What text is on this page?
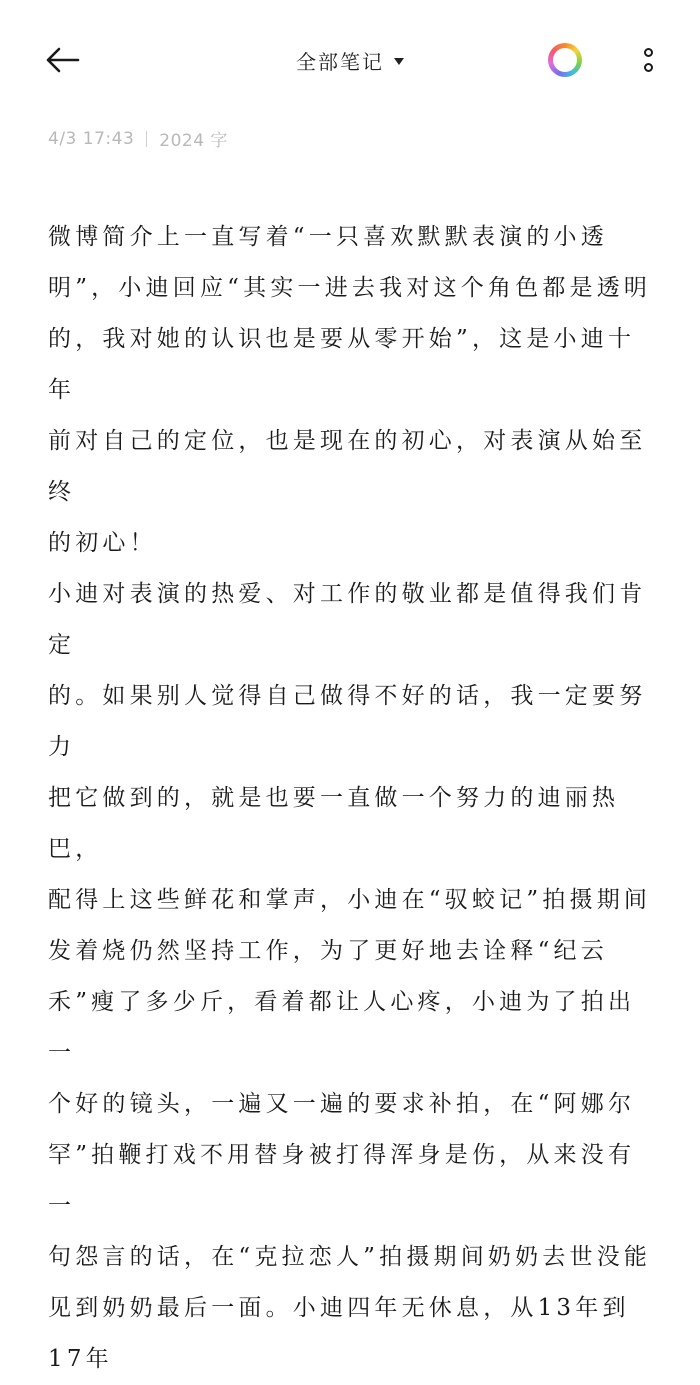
全部笔记
4/3 17:43 2024 字

微博简介上一直写着“一只喜欢默默表演的小透
明”，小迪回应“其实一进去我对这个角色都是透明
的，我对她的认识也是要从零开始”，这是小迪十年
前对自己的定位，也是现在的初心，对表演从始至终
的初心！

小迪对表演的热爱、对工作的敬业都是值得我们肯定
的。如果别人觉得自己做得不好的话，我一定要努力
把它做到的，就是也要一直做一个努力的迪丽热巴，
配得上这些鲜花和掌声，小迪在“驭蛟记”拍摄期间
发着烧仍然坚持工作，为了更好地去诠释“纪云
禾”瘦了多少斤，看着都让人心疼，小迪为了拍出一
个好的镜头，一遍又一遍的要求补拍，在“阿娜尔
罕”拍鞭打戏不用替身被打得浑身是伤，从来没有一
句怨言的话，在“克拉恋人”拍摄期间奶奶去世没能
见到奶奶最后一面。小迪四年无休息，从13年到17年
